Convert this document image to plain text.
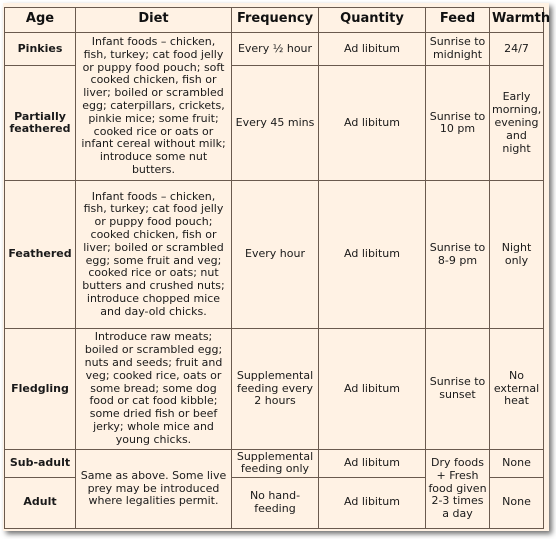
Age	Diet	Frequency	Quantity	Feed	Warmth
Pinkies	Infant foods – chicken, fish, turkey; cat food jelly or puppy food pouch; soft cooked chicken, fish or liver; boiled or scrambled egg; caterpillars, crickets, pinkie mice; some fruit; cooked rice or oats or infant cereal without milk; introduce some nut butters.	Every ½ hour	Ad libitum	Sunrise to midnight	24/7
Partially feathered		Every 45 mins	Ad libitum	Sunrise to 10 pm	Early morning, evening and night
Feathered	Infant foods – chicken, fish, turkey; cat food jelly or puppy food pouch; cooked chicken, fish or liver; boiled or scrambled egg; some fruit and veg; cooked rice or oats; nut butters and crushed nuts; introduce chopped mice and day-old chicks.	Every hour	Ad libitum	Sunrise to 8-9 pm	Night only
Fledgling	Introduce raw meats; boiled or scrambled egg; nuts and seeds; fruit and veg; cooked rice, oats or some bread; some dog food or cat food kibble; some dried fish or beef jerky; whole mice and young chicks.	Supplemental feeding every 2 hours	Ad libitum	Sunrise to sunset	No external heat
Sub-adult	Same as above. Some live prey may be introduced where legalities permit.	Supplemental feeding only	Ad libitum	Dry foods + Fresh food given 2-3 times a day	None
Adult		No hand-feeding	Ad libitum		None
